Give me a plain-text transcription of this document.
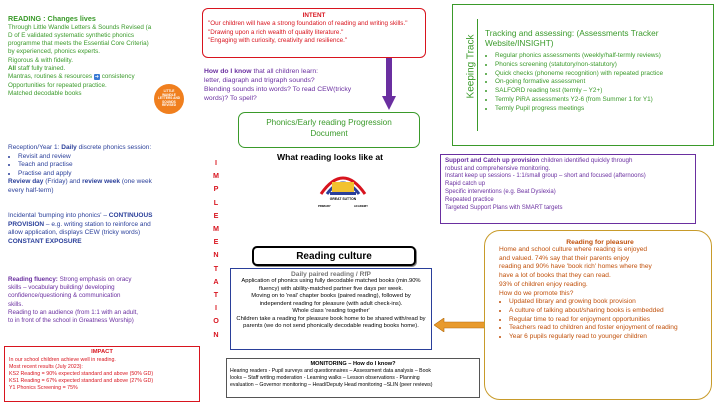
READING : Changes lives
Through Little Wandle Letters & Sounds Revised (a
D of E validated systematic synthetic phonics
programme that meets the Essential Core Criteria)
by experienced, phonics experts.
Rigorous & with fidelity.
All staff fully trained.
Mantras, routines & resources ➜ consistency
Opportunities for repeated practice.
Matched decodable books	LITTLE WANDLE LETTERS AND SOUNDS REVISED
INTENT
"Our children will have a strong foundation of reading and writing skills."
"Drawing upon a rich wealth of quality literature."
"Engaging with curiosity, creativity and resilience."
How do I know that all children learn:
letter, diagraph and trigraph sounds?
Blending sounds into words? To read CEW(tricky
words)? To spell?
Phonics/Early reading Progression
Document
Keeping Track
Tracking and assessing: (Assessments Tracker
Website/INSIGHT)
• Regular phonics assessments (weekly/half-termly reviews)
• Phonics screening (statutory/non-statutory)
• Quick checks (phoneme recognition) with repeated practice
• On-going formative assessment
• SALFORD reading test (termly – Y2+)
• Termly PiRA assessments Y2-6 (from Summer 1 for Y1)
• Termly Pupil progress meetings
Reception/Year 1: Daily discrete phonics session:
• Revisit and review
• Teach and practise
• Practise and apply
Review day (Friday) and review week (one week
every half-term)
Incidental 'bumping into phonics' – CONTINUOUS
PROVISION – e.g. writing station to reinforce and
allow application, displays CEW (tricky words)
CONSTANT EXPOSURE
I
M
P
L
E
M
E
N
T
A
T
I
O
N
What reading looks like at
GREAT SUTTON
PRIMARY	ACADEMY
Reading culture
Daily paired reading / RfP
Application of phonics using fully decodable matched books (min.90%
fluency) with ability-matched partner five days per week.
Moving on to 'real' chapter books (paired reading), followed by
independent reading for pleasure (with adult check-ins).
Whole class 'reading together'
Children take a reading for pleasure book home to be shared with/read by
parents (we do not send phonically decodable reading books home).
Support and Catch up provision children identified quickly through
robust and comprehensive monitoring.
Instant keep up sessions - 1:1/small group – short and focused (afternoons)
Rapid catch up
Specific interventions (e.g. Beat Dyslexia)
Repeated practice
Targeted Support Plans with SMART targets
Reading fluency: Strong emphasis on oracy
skills – vocabulary building/ developing
confidence/questioning & communication
skills.
Reading to an audience (from 1:1 with an adult,
to in front of the school in Greatness Worship)
IMPACT
In our school children achieve well in reading.
Most recent results (July 2023):
KS2 Reading = 90% expected standard and above (50% GD)
KS1 Reading = 67% expected standard and above (27% GD)
Y1 Phonics Screening = 75%
MONITORING – How do I know?
Hearing readers - Pupil surveys and questionnaires – Assessment data analysis – Book
looks – Staff writing moderation - Learning walks – Lesson observations - Planning
evaluation – Governor monitoring – Head/Deputy Head monitoring –SLIN (peer reviews)
Reading for pleasure
Home and school culture where reading is enjoyed
and valued. 74% say that their parents enjoy
reading and 90% have 'book rich' homes where they
have a lot of books that they can read.
93% of children enjoy reading.
How do we promote this?
• Updated library and growing book provision
• A culture of talking about/sharing books is embedded
• Regular time to read for enjoyment opportunities
• Teachers read to children and foster enjoyment of reading
• Year 6 pupils regularly read to younger children
